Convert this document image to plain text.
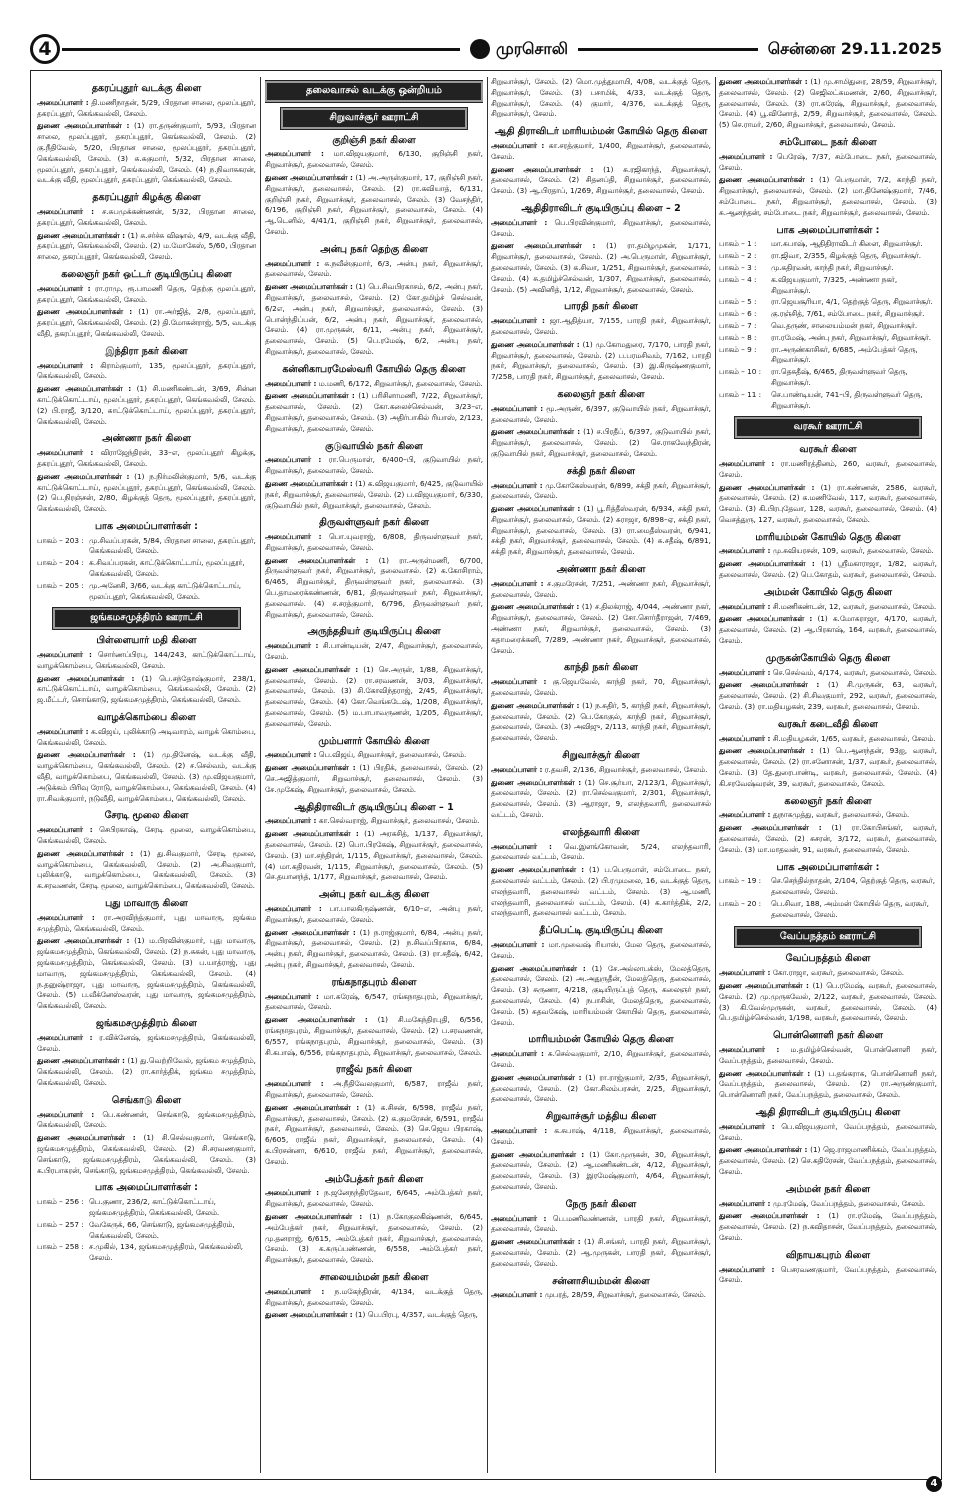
4	முரசொலி	சென்னை 29.11.2025
தகரப்புதூர் வடக்கு கிளை
அமைப்பாளர் : தி.மணிநாதன், 5/29, பிரதான சாலை, மூலப்புதூர், தகரப்புதூர், கெங்கவல்லி, சேலம்.
துணை அமைப்பாளர்கள் : (1) ரா.தருண்குமார், 5/93, பிரதான சாலை, மூலப்புதூர், தகரப்புதூர், கெங்கவல்லி, சேலம். (2) கு.நீதிவேல், 5/20, பிரதான சாலை, மூலப்புதூர், தகரப்புதூர், கெங்கவல்லி, சேலம். (3) சு.சுகுமார், 5/32, பிரதான சாலை, மூலப்புதூர், தகரப்புதூர், கெங்கவல்லி, சேலம். (4) ந.நிவாசுகரன், வடக்கு வீதி, மூலப்புதூர், தகரப்புதூர், கெங்கவல்லி, சேலம்.
தகரப்புதூர் கிழக்கு கிளை
அமைப்பாளர் : ச.சுபமுக்கண்ணன், 5/32, பிரதான சாலை, தகரப்புதூர், கெங்கவல்லி, சேலம்.
துணை அமைப்பாளர்கள் : (1) சு.சர்ச்சு விஷால், 4/9, வடக்கு வீதி, தகரப்புதூர், கெங்கவல்லி, சேலம். (2) ம.மோகேஸ், 5/60, பிரதான சாலை, தகரப்புதூர், கெங்கவல்லி, சேலம்.
கலைஞர் நகர் ஒட்டர் குடியிருப்பு கிளை
அமைப்பாளர் : ரா.ராமு, ரூ.பாமணி தெரு, தெற்கு மூலப்புதூர், தகரப்புதூர், கெங்கவல்லி, சேலம்.
துணை அமைப்பாளர்கள் : (1) ரா.அர்ஜித், 2/8, மூலப்புதூர், தகரப்புதூர், கெங்கவல்லி, சேலம். (2) தி.மோகன்ராஜ், 5/5, வடக்கு வீதி, தகரப்புதூர், கெங்கவல்லி, சேலம்.
இந்திரா நகர் கிளை
அமைப்பாளர் : கிராம்குமார், 135, மூலப்புதூர், தகரப்புதூர், கெங்கவல்லி, சேலம்.
துணை அமைப்பாளர்கள் : (1) சி.மணிகண்டன், 3/69, சின்ன காட்டுக்கொட்டாய், மூலப்புதூர், தகரப்புதூர், கெங்கவல்லி, சேலம். (2) பி.ராஜீ, 3/120, காட்டுக்கொட்டாய், மூலப்புதூர், தகரப்புதூர், கெங்கவல்லி, சேலம்.
அண்ணா நகர் கிளை
அமைப்பாளர் : விராஜேந்திரன், 33–எ, மூலப்புதூர் கிழக்கு, தகரப்புதூர், கெங்கவல்லி, சேலம்.
துணை அமைப்பாளர்கள் : (1) ந.நிர்மலின்குமார், 5/6, வடக்கு காட்டுக்கொட்டாய், மூலப்புதூர், தகரப்புதூர், கெங்கவல்லி, சேலம். (2) பெ.நிரஞ்சன், 2/80, கிழக்குத் தெரு, மூலப்புதூர், தகரப்புதூர், கெங்கவல்லி, சேலம்.
பாக அமைப்பாளர்கள் :
பாகம் – 203 : மு.சிவப்பரகன், 5/84, பிரதான சாலை, தகரப்புதூர், கெங்கவல்லி, சேலம்.
பாகம் – 204 : சு.சிவப்பரகன், காட்டுக்கொட்டாய், மூலப்புதூர், கெங்கவல்லி, சேலம்.
பாகம் – 205 : மு.அனேசி, 3/66, வடக்கு காட்டுக்கொட்டாய், மூலப்புதூர், கெங்கவல்லி, சேலம்.
ஜங்கமசமுத்திரம் ஊராட்சி
பிள்ளையார் மதி கிளை
அமைப்பாளர் : சொர்ணப்பிரபு, 144/243, காட்டுக்கொட்டாய், வாழக்கொம்பை, கெங்கவல்லி, சேலம்.
துணை அமைப்பாளர்கள் : (1) பெ.சந்தோஷ்குமார், 238/1, காட்டுக்கொட்டாய், வாழக்கொம்பை, கெங்கவல்லி, சேலம். (2) ஜ.மீட்டர், சொங்காடு, ஜங்கமசமுத்திரம், கெங்கவல்லி, சேலம்.
வாழக்கொம்பை கிளை
அமைப்பாளர் : க.விஜய், புலிக்காடு அடிவாரம், வாழக் கொம்பை, கெங்கவல்லி, சேலம்.
துணை அமைப்பாளர்கள் : (1) மு.தினேஷ், வடக்கு வீதி, வாழக்கொம்பை, கெங்கவல்லி, சேலம். (2) ச.செல்வம், வடக்கு வீதி, வாழக்கொம்பை, கெங்கவல்லி, சேலம். (3) மு.விஜயகுமார், அடுக்கம் பிரிவு ரோடு, வாழக்கொம்பை, கெங்கவல்லி, சேலம். (4) ரா.சிவக்குமார், நடுவீதி, வாழக்கொம்பை, கெங்கவல்லி, சேலம்.
சேரடி மூலை கிளை
அமைப்பாளர் : செபிரகாஷ், சேரடி மூலை, வாழக்கொம்பை, கெங்கவல்லி, சேலம்.
துணை அமைப்பாளர்கள் : (1) து.சிவகுமார், சேரடி மூலை, வாழக்கொம்பை, கெங்கவல்லி, சேலம். (2) அ.சிவகுமார், புலிக்காடு, வாழக்கொம்பை, கெங்கவல்லி, சேலம். (3) க.சரவணன், சேரடி மூலை, வாழக்கொம்பை, கெங்கவல்லி, சேலம்.
புது மாவாரு கிளை
அமைப்பாளர் : ரா.அரவிந்த்குமார், புது மாவாரு, ஜங்கம சமுத்திரம், கெங்கவல்லி, சேலம்.
துணை அமைப்பாளர்கள் : (1) ம.பிரவின்குமார், புது மாவாரு, ஜங்கமசமுத்திரம், கெங்கவல்லி, சேலம். (2) ந.சுகன், புது மாவாரு, ஜங்கமசமுத்திரம், கெங்கவல்லி, சேலம். (3) ப.யாத்ராஜ், புது மாவாரு, ஜங்கமசமுத்திரம், கெங்கவல்லி, சேலம். (4) ந.தனுஷ்ராஜா, புது மாவாரு, ஜங்கமசமுத்திரம், கெங்கவல்லி, சேலம். (5) ப.வீக்னேஸ்வரன், புது மாவாரு, ஜங்கமசமுத்திரம், கெங்கவல்லி, சேலம்.
ஜங்கமசமுத்திரம் கிளை
அமைப்பாளர் : ர.விக்னேஷ், ஜங்கமசமுத்திரம், கெங்கவல்லி, சேலம்.
துணை அமைப்பாளர்கள் : (1) து.வெற்றிவேல், ஜங்கம சமுத்திரம், கெங்கவல்லி, சேலம். (2) ரா.கார்த்திக், ஜங்கம சமுத்திரம், கெங்கவல்லி, சேலம்.
செங்காடு கிளை
அமைப்பாளர் : பெ.கண்ணன், செங்காடு, ஜங்கமசமுத்திரம், கெங்கவல்லி, சேலம்.
துணை அமைப்பாளர்கள் : (1) சி.செல்வகுமார், செங்காடு, ஜங்கமசமுத்திரம், கெங்கவல்லி, சேலம். (2) சி.சரவணகுமார், செங்காடு, ஜங்கமசமுத்திரம், கெங்கவல்லி, சேலம். (3) க.பிரபாகரன், செங்காடு, ஜங்கமசமுத்திரம், கெங்கவல்லி, சேலம்.
பாக அமைப்பாளர்கள் :
பாகம் – 256 : பெ.குணா, 236/2, காட்டுக்கொட்டாய், ஜங்கமசமுத்திரம், கெங்கவல்லி, சேலம்.
பாகம் – 257 : வேகேருக், 66, செங்காடு, ஜங்கமசமுத்திரம், கெங்கவல்லி, சேலம்.
பாகம் – 258 : ச.முகில், 134, ஜங்கமசமுத்திரம், கெங்கவல்லி, சேலம்.
தலைவாசல் வடக்கு ஒன்றியம்
சிறுவாச்சூர் ஊராட்சி
குறிஞ்சி நகர் கிளை
அமைப்பாளர் : மா.விஜயகுமார், 6/130, குறிஞ்சி நகர், சிறுவாச்சூர், தலைவாசல், சேலம்.
துணை அமைப்பாளர்கள் : (1) அ.அருள்குமார், 17, குறிஞ்சி நகர், சிறுவாச்சூர், தலைவாசல், சேலம். (2) ரா.கவியாத், 6/131, குறிஞ்சி நகர், சிறுவாச்சூர், தலைவாசல், சேலம். (3) வேசந்திர், 6/196, குறிஞ்சி நகர், சிறுவாச்சூர், தலைவாசல், சேலம். (4) ஆ.டெனில், 4/41/1, குறிஞ்சி நகர், சிறுவாச்சூர், தலைவாசல், சேலம்.
அன்பு நகர் தெற்கு கிளை
அமைப்பாளர் : சு.நவீன்குமார், 6/3, அன்பு நகர், சிறுவாச்சூர், தலைவாசல், சேலம்.
துணை அமைப்பாளர்கள் : (1) பெ.சிவபிரகாசம், 6/2, அன்பு நகர், சிறுவாச்சூர், தலைவாசல், சேலம். (2) கோ.தமிழ்ச் செல்வன், 6/2எ, அன்பு நகர், சிறுவாச்சூர், தலைவாசல், சேலம். (3) பொன்ந்திப்பன், 6/2, அன்பு நகர், சிறுவாச்சூர், தலைவாசல், சேலம். (4) ரா.முருகன், 6/11, அன்பு நகர், சிறுவாச்சூர், தலைவாசல், சேலம். (5) பெ.ரமேஷ், 6/2, அன்பு நகர், சிறுவாச்சூர், தலைவாசல், சேலம்.
கன்னிகாபரமேஸ்வரி கோயில் தெரு கிளை
அமைப்பாளர் : ம.மணி, 6/172, சிறுவாச்சூர், தலைவாசல், சேலம்.
துணை அமைப்பாளர்கள் : (1) பரிசிளாமணி, 7/22, சிறுவாச்சூர், தலைவாசல், சேலம். (2) கோ.கலைச்செல்வன், 3/23–எ, சிறுவாச்சூர், தலைவாசல், சேலம். (3) அதிர்பாகில் ரியாஸ், 2/123, சிறுவாச்சூர், தலைவாசல், சேலம்.
குடுவாயில் நகர் கிளை
அமைப்பாளர் : ரா.பெருமாள், 6/400–பி, குடுவாயில் நகர், சிறுவாச்சூர், தலைவாசல், சேலம்.
துணை அமைப்பாளர்கள் : (1) க.விஜயகுமார், 6/425, குடுவாயில் நகர், சிறுவாச்சூர், தலைவாசல், சேலம். (2) ப.விஜயகுமார், 6/330, குடுவாயில் நகர், சிறுவாச்சூர், தலைவாசல், சேலம்.
திருவள்ளுவர் நகர் கிளை
அமைப்பாளர் : பொ.யுவராஜ், 6/808, திருவள்ளுவர் நகர், சிறுவாச்சூர், தலைவாசல், சேலம்.
துணை அமைப்பாளர்கள் : (1) ரா.அருள்மணி, 6/700, திருவள்ளுவர் நகர், சிறுவாச்சூர், தலைவாசல். (2) க.கோசிராம், 6/465, சிறுவாச்சூர், திருவள்ளுவர் நகர், தலைவாசல். (3) பெ.தாமரைக்கண்ணன், 6/81, திருவள்ளுவர் நகர், சிறுவாச்சூர், தலைவாசல். (4) ச.சரத்குமார், 6/796, திருவள்ளுவர் நகர், சிறுவாச்சூர், தலைவாசல், சேலம்.
அருந்ததியர் குடியிருப்பு கிளை
அமைப்பாளர் : சி.பாண்டியன், 2/47, சிறுவாச்சூர், தலைவாசல், சேலம்.
துணை அமைப்பாளர்கள் : (1) செ.அருள், 1/88, சிறுவாச்சூர், தலைவாசல், சேலம். (2) ரா.சரவணன், 3/03, சிறுவாச்சூர், தலைவாசல், சேலம். (3) சி.கோவிந்தராஜ், 2/45, சிறுவாச்சூர், தலைவாசல், சேலம். (4) கோ.வெங்கடேஷ், 1/208, சிறுவாச்சூர், தலைவாசல், சேலம். (5) ம.பாபாவருணன், 1/205, சிறுவாச்சூர், தலைவாசல், சேலம்.
மும்பளார் கோயில் கிளை
அமைப்பாளர் : பெ.விஜய், சிறுவாச்சூர், தலைவாசல், சேலம்.
துணை அமைப்பாளர்கள் : (1) பிரதிக், தலைவாசல், சேலம். (2) செ.அஜித்குமார், சிறுவாச்சூர், தலைவாசல், சேலம். (3) சே.முகேஷ், சிறுவாச்சூர், தலைவாசல், சேலம்.
ஆதிதிராவிடர் குடியிருப்பு கிளை – 1
அமைப்பாளர் : கா.செல்வராஜ், சிறுவாச்சூர், தலைவாசல், சேலம்.
துணை அமைப்பாளர்கள் : (1) அரசுசித், 1/137, சிறுவாச்சூர், தலைவாசல், சேலம். (2) பொ.பிரகேஷ், சிறுவாச்சூர், தலைவாசல், சேலம். (3) மா.சந்திரன், 1/115, சிறுவாச்சூர், தலைவாசல், சேலம். (4) மா.கதிரவன், 1/115, சிறுவாச்சூர், தலைவாசல், சேலம். (5) செ.தயானந்த், 1/177, சிறுவாச்சூர், தலைவாசல், சேலம்.
அன்பு நகர் வடக்கு கிளை
அமைப்பாளர் : பா.பாலகிருஷ்ணன், 6/10–எ, அன்பு நகர், சிறுவாச்சூர், தலைவாசல், சேலம்.
துணை அமைப்பாளர்கள் : (1) ந.ராஜ்குமார், 6/84, அன்பு நகர், சிறுவாச்சூர், தலைவாசல், சேலம். (2) ந.சிவப்பிரகாசு, 6/84, அன்பு நகர், சிறுவாச்சூர், தலைவாசல், சேலம். (3) ரா.சதீஷ், 6/42, அன்பு நகர், சிறுவாச்சூர், தலைவாசல், சேலம்.
ரங்கநாதபுரம் கிளை
அமைப்பாளர் : மா.சுரேஷ், 6/547, ரங்கநாதபுரம், சிறுவாச்சூர், தலைவாசல், சேலம்.
துணை அமைப்பாளர்கள் : (1) சி.மகேந்திரபுதி, 6/556, ரங்கநாதபுரம், சிறுவாச்சூர், தலைவாசல், சேலம். (2) ப.சரவணன், 6/557, ரங்கநாதபுரம், சிறுவாச்சூர், தலைவாசல், சேலம். (3) சி.கபாஷ், 6/556, ரங்கநாதபுரம், சிறுவாச்சூர், தலைவாசல், சேலம்.
ராஜீவ் நகர் கிளை
அமைப்பாளர் : அ.நீதிவேலகுமார், 6/587, ராஜீவ் நகர், சிறுவாச்சூர், தலைவாசல், சேலம்.
துணை அமைப்பாளர்கள் : (1) க.சிசன், 6/598, ராஜீவ் நகர், சிறுவாச்சூர், தலைவாசல், சேலம். (2) க.குமரேசன், 6/591, ராஜீவ் நகர், சிறுவாச்சூர், தலைவாசல், சேலம். (3) செ.ஜெய பிரகாஷ், 6/605, ராஜீவ் நகர், சிறுவாச்சூர், தலைவாசல், சேலம். (4) க.பிரசன்னா, 6/610, ராஜீவ் நகர், சிறுவாச்சூர், தலைவாசல், சேலம்.
அம்பேத்கர் நகர் கிளை
அமைப்பாளர் : ந.ஜனேநந்திரதேவா, 6/645, அம்பேத்கர் நகர், சிறுவாச்சூர், தலைவாசல், சேலம்.
துணை அமைப்பாளர்கள் : (1) ந.கோகுலகிஷ்ணன், 6/645, அம்பேத்கர் நகர், சிறுவாச்சூர், தலைவாசல், சேலம். (2) மு.தனராஜ், 6/615, அம்பேத்கர் நகர், சிறுவாச்சூர், தலைவாசல், சேலம். (3) க.கருப்பண்ணன், 6/558, அம்பேத்கர் நகர், சிறுவாச்சூர், தலைவாசல், சேலம்.
சாலையம்மன் நகர் கிளை
அமைப்பாளர் : ந.மகேந்திரன், 4/134, வடக்குத் தெரு, சிறுவாச்சூர், தலைவாசல், சேலம்.
துணை அமைப்பாளர்கள் : (1) பெ.பிரபு, 4/357, வடக்குத் தெரு,
சிறுவாச்சூர், சேலம். (2) மொ.முத்துமாயி, 4/08, வடக்குத் தெரு, சிறுவாச்சூர், சேலம். (3) பசாமிக், 4/33, வடக்குத் தெரு, சிறுவாச்சூர், சேலம். (4) குமார், 4/376, வடக்குத் தெரு, சிறுவாச்சூர், சேலம்.
ஆதி திராவிடர் மாரியம்மன் கோயில் தெரு கிளை
அமைப்பாளர் : கா.சரத்குமார், 1/400, சிறுவாச்சூர், தலைவாசல், சேலம்.
துணை அமைப்பாளர்கள் : (1) சு.ரஜிகாந்த், சிறுவாச்சூர், தலைவாசல், சேலம். (2) சிதனப்தி, சிறுவாச்சூர், தலைவாசல், சேலம். (3) ஆ.பிரதாப், 1/269, சிறுவாச்சூர், தலைவாசல், சேலம்.
ஆதிதிராவிடர் குடியிருப்பு கிளை – 2
அமைப்பாளர் : பெ.பிரவின்குமார், சிறுவாச்சூர், தலைவாசல், சேலம்.
துணை அமைப்பாளர்கள் : (1) ரா.தமிழமுகன், 1/171, சிறுவாச்சூர், தலைவாசல், சேலம். (2) அ.பெருமாள், சிறுவாச்சூர், தலைவாசல், சேலம். (3) க.சிவா, 1/251, சிறுவாச்சூர், தலைவாசல், சேலம். (4) சு.தமிழ்ச்செல்வன், 1/307, சிறுவாச்சூர், தலைவாசல், சேலம். (5) அவினித், 1/12, சிறுவாச்சூர், தலைவாசல், சேலம்.
பாரதி நகர் கிளை
அமைப்பாளர் : ஜா.ஆதித்யா, 7/155, பாரதி நகர், சிறுவாச்சூர், தலைவாசல், சேலம்.
துணை அமைப்பாளர்கள் : (1) மு.கோமதுரை, 7/170, பாரதி நகர், சிறுவாச்சூர், தலைவாசல், சேலம். (2) ப.பரமசிவம், 7/162, பாரதி நகர், சிறுவாச்சூர், தலைவாசல், சேலம். (3) இ.கிருஷ்ணகுமார், 7/258, பாரதி நகர், சிறுவாச்சூர், தலைவாசல், சேலம்.
கலைஞர் நகர் கிளை
அமைப்பாளர் : மூ.அருண், 6/397, குடுவாயில் நகர், சிறுவாச்சூர், தலைவாசல், சேலம்.
துணை அமைப்பாளர்கள் : (1) ச.பிரதீப், 6/397, குடுவாயில் நகர், சிறுவாச்சூர், தலைவாசல், சேலம். (2) செ.ராகவேந்திரன், குடுவாயில் நகர், சிறுவாச்சூர், தலைவாசல், சேலம்.
சக்தி நகர் கிளை
அமைப்பாளர் : மு.கோகேஸ்வரன், 6/899, சக்தி நகர், சிறுவாச்சூர், தலைவாசல், சேலம்.
துணை அமைப்பாளர்கள் : (1) பூ.ரித்தீஸ்வரன், 6/934, சக்தி நகர், சிறுவாச்சூர், தலைவாசல், சேலம். (2) சுராஜா, 6/898–ஏ, சக்தி நகர், சிறுவாச்சூர், தலைவாசல், சேலம். (3) ரா.மைதீஸ்வரன், 6/941, சக்தி நகர், சிறுவாச்சூர், தலைவாசல், சேலம். (4) சு.சதீஷ், 6/891, சக்தி நகர், சிறுவாச்சூர், தலைவாசல், சேலம்.
அண்ணா நகர் கிளை
அமைப்பாளர் : ச.குமரேசன், 7/251, அண்ணா நகர், சிறுவாச்சூர், தலைவாசல், சேலம்.
துணை அமைப்பாளர்கள் : (1) ச.திலக்ராஜ், 4/044, அண்ணா நகர், சிறுவாச்சூர், தலைவாசல், சேலம். (2) சோ.சொர்தீராஜன், 7/469, அண்ணா நகர், சிறுவாச்சூர், தலைவாசல், சேலம். (3) கதாமரைக்கனி, 7/289, அண்ணா நகர், சிறுவாச்சூர், தலைவாசல், சேலம்.
காந்தி நகர் கிளை
அமைப்பாளர் : கு.ஜெயவேல், காந்தி நகர், 70, சிறுவாச்சூர், தலைவாசல், சேலம்.
துணை அமைப்பாளர்கள் : (1) ந.சுதிர், 5, காந்தி நகர், சிறுவாச்சூர், தலைவாசல், சேலம். (2) பெ.கோகுல், காந்தி நகர், சிறுவாச்சூர், தலைவாசல், சேலம். (3) அவிஜு, 2/113, காந்தி நகர், சிறுவாச்சூர், தலைவாசல், சேலம்.
சிறுவாச்சூர் கிளை
அமைப்பாளர் : ர.தவசி, 2/136, சிறுவாச்சூர், தலைவாசல், சேலம்.
துணை அமைப்பாளர்கள் : (1) செ.சூர்யா, 2/123/1, சிறுவாச்சூர், தலைவாசல், சேலம். (2) ரா.செல்வகுமார், 2/301, சிறுவாச்சூர், தலைவாசல், சேலம். (3) ஆராஜா, 9, எலந்தவாரி, தலைவாசல் வட்டம், சேலம்.
எலந்தவாரி கிளை
அமைப்பாளர் : வெ.இளங்கோவன், 5/24, எலந்தவாரி, தலைவாசல் வட்டம், சேலம்.
துணை அமைப்பாளர்கள் : (1) ப.பெருமாள், சம்போடை நகர், தலைவாசல் வட்டம், சேலம். (2) பி.ரமுமலை, 16, வடக்குத் தெரு, எலந்தவாரி, தலைவாசல் வட்டம், சேலம். (3) ஆ.மணி, எலந்தவாரி, தலைவாசல் வட்டம், சேலம். (4) க.கார்த்திக், 2/2, எலந்தவாரி, தலைவாசல் வட்டம், சேலம்.
தீப்பெட்டி குடியிருப்பு கிளை
அமைப்பாளர் : மா.முவைஷ் ரியாஸ், மேல தெரு, தலைவாசல், சேலம்.
துணை அமைப்பாளர்கள் : (1) சே.அல்லாபக்ஸ், மேலத்தெரு, தலைவாசல், சேலம். (2) அ.அதுருதீன், மேலத்தெரு, தலைவாசல், சேலம். (3) சுருணா, 4/218, குடியிருப்புத் தெரு, கலைஞர் நகர், தலைவாசல், சேலம். (4) நபாசின், மேலத்தெரு, தலைவாசல், சேலம். (5) சுதவகேஷ், மாரியம்மன் கோயில் தெரு, தலைவாசல், சேலம்.
மாரியம்மன் கோயில் தெரு கிளை
அமைப்பாளர் : சு.செல்வகுமார், 2/10, சிறுவாச்சூர், தலைவாசல், சேலம்.
துணை அமைப்பாளர்கள் : (1) ரா.ராஜ்குமார், 2/35, சிறுவாச்சூர், தலைவாசல், சேலம். (2) கோ.சிலம்பரசன், 2/25, சிறுவாச்சூர், தலைவாசல், சேலம்.
சிறுவாச்சூர் மத்திய கிளை
அமைப்பாளர் : க.சுபாஷ், 4/118, சிறுவாச்சூர், தலைவாசல், சேலம்.
துணை அமைப்பாளர்கள் : (1) கோ.முருகன், 30, சிறுவாச்சூர், தலைவாசல், சேலம். (2) ஆ.மணிகண்டன், 4/12, சிறுவாச்சூர், தலைவாசல், சேலம். (3) இரமேஷ்குமார், 4/64, சிறுவாச்சூர், தலைவாசல், சேலம்.
நேரு நகர் கிளை
அமைப்பாளர் : பெ.மணிவண்ணன், பாரதி நகர், சிறுவாச்சூர், தலைவாசல், சேலம்.
துணை அமைப்பாளர்கள் : (1) சி.சங்கர், பாரதி நகர், சிறுவாச்சூர், தலைவாசல், சேலம். (2) ஆ.முருகன், பாரதி நகர், சிறுவாச்சூர், தலைவாசல், சேலம்.
சன்னாசியம்மன் கிளை
அமைப்பாளர் : முபரத், 28/59, சிறுவாச்சூர், தலைவாசல், சேலம்.
துணை அமைப்பாளர்கள் : (1) மு.சாமிதுரை, 28/59, சிறுவாச்சூர், தலைவாசல், சேலம். (2) செஜிலட்சுமணன், 2/60, சிறுவாச்சூர், தலைவாசல், சேலம். (3) ரா.சுரேஷ், சிறுவாச்சூர், தலைவாசல், சேலம். (4) பூ.வினோத், 2/59, சிறுவாச்சூர், தலைவாசல், சேலம். (5) செ.ராமர், 2/60, சிறுவாச்சூர், தலைவாசல், சேலம்.
சம்போடை நகர் கிளை
அமைப்பாளர் : பெரேஷ், 7/37, சம்போடை நகர், தலைவாசல், சேலம்.
துணை அமைப்பாளர்கள் : (1) பெருமாள், 7/2, காந்தி நகர், சிறுவாச்சூர், தலைவாசல், சேலம். (2) மா.தினேஷ்குமார், 7/46, சம்போடை நகர், சிறுவாச்சூர், தலைவாசல், சேலம். (3) சு.ஆனந்தன், சம்போடை நகர், சிறுவாச்சூர், தலைவாசல், சேலம்.
பாக அமைப்பாளர்கள் :
பாகம் – 1 :	மா.சுபாஷ், ஆதிதிராவிடர் கிளை, சிறுவாச்சூர்.
பாகம் – 2 :	ரா.ஜிவா, 2/355, கிழக்குத் தெரு, சிறுவாச்சூர்.
பாகம் – 3 :	மு.கதிரவன், காந்தி நகர், சிறுவாச்சூர்.
பாகம் – 4 :	க.விஜயகுமார், 7/325, அண்ணா நகர், சிறுவாச்சூர்.
பாகம் – 5 :	ரா.ஜெயசூரியா, 4/1, தெற்குத் தெரு, சிறுவாச்சூர்.
பாகம் – 6 :	கு.ரஞ்சித், 7/61, சம்போடை நகர், சிறுவாச்சூர்.
பாகம் – 7 :	வெ.தருண், சாலையம்மன் நகர், சிறுவாச்சூர்.
பாகம் – 8 :	ரா.ரமேஷ், அன்பு நகர், சிறுவாச்சூர், சிறுவாச்சூர்.
பாகம் – 9 :	ரா.அருண்காசிகர், 6/685, அம்பேத்கர் தெரு, சிறுவாச்சூர்.
பாகம் – 10 :	ரா.தெசுதீஷ், 6/465, திருவள்ளுவர் தெரு, சிறுவாச்சூர்.
பாகம் – 11 :	செ.பாண்டியன், 741–பி, திருவள்ளுவர் தெரு, சிறுவாச்சூர்.
வரகூர் ஊராட்சி
வரகூர் கிளை
அமைப்பாளர் : ரா.மணிரத்தினம், 260, வரகூர், தலைவாசல், சேலம்.
துணை அமைப்பாளர்கள் : (1) ரா.கண்ணன், 2586, வரகூர், தலைவாசல், சேலம். (2) க.மணிவேல், 117, வரகூர், தலைவாசல், சேலம். (3) கி.பிரபுதேவா, 128, வரகூர், தலைவாசல், சேலம். (4) வெசத்துரு, 127, வரகூர், தலைவாசல், சேலம்.
மாரியம்மன் கோயில் தெரு கிளை
அமைப்பாளர் : மு.சுவியரசன், 109, வரகூர், தலைவாசல், சேலம்.
துணை அமைப்பாளர்கள் : (1) ஸ்ரீமகாராஜா, 1/82, வரகூர், தலைவாசல், சேலம். (2) பெ.கோதம், வரகூர், தலைவாசல், சேலம்.
அம்மன் கோயில் தெரு கிளை
அமைப்பாளர் : சி.மணிகண்டன், 12, வரகூர், தலைவாசல், சேலம்.
துணை அமைப்பாளர்கள் : (1) க.மோகராஜா, 4/170, வரகூர், தலைவாசல், சேலம். (2) ஆ.பிரகாஷ், 164, வரகூர், தலைவாசல், சேலம்.
முருகன்கோயில் தெரு கிளை
அமைப்பாளர் : செ.செல்வம், 4/174, வரகூர், தலைவாசல், சேலம்.
துணை அமைப்பாளர்கள் : (1) சி.முருகன், 63, வரகூர், தலைவாசல், சேலம். (2) சி.சிவகுமார், 292, வரகூர், தலைவாசல், சேலம். (3) ரா.மதியழகன், 239, வரகூர், தலைவாசல், சேலம்.
வரகூர் கடைவீதி கிளை
அமைப்பாளர் : சி.மதியழகன், 1/65, வரகூர், தலைவாசல், சேலம்.
துணை அமைப்பாளர்கள் : (1) பெ.ஆனந்தன், 93ஐ, வரகூர், தலைவாசல், சேலம். (2) ரா.சனோசன், 1/37, வரகூர், தலைவாசல், சேலம். (3) தே.துரைபாண்டி, வரகூர், தலைவாசல், சேலம். (4) கி.சரவேஷ்வரன், 39, வரகூர், தலைவாசல், சேலம்.
கலைஞர் நகர் கிளை
அமைப்பாளர் : துநாகமுத்து, வரகூர், தலைவாசல், சேலம்.
துணை அமைப்பாளர்கள் : (1) ரா.கோபிசங்கர், வரகூர், தலைவாசல், சேலம். (2) சுசரன், 3/172, வரகூர், தலைவாசல், சேலம். (3) மா.மாதவன், 91, வரகூர், தலைவாசல், சேலம்.
பாக அமைப்பாளர்கள் :
பாகம் – 19 :	செ.செந்தில்நாதன், 2/104, தெற்குத் தெரு, வரகூர், தலைவாசல், சேலம்.
பாகம் – 20 :	பெ.சிவா, 188, அம்மன் கோயில் தெரு, வரகூர், தலைவாசல், சேலம்.
வேப்பநத்தம் ஊராட்சி
வேப்பநத்தம் கிளை
அமைப்பாளர் : கோ.ராஜா, வரகூர், தலைவாசல், சேலம்.
துணை அமைப்பாளர்கள் : (1) பெ.ரமேஷ், வரகூர், தலைவாசல், சேலம். (2) மு.முருகவேல், 2/122, வரகூர், தலைவாசல், சேலம். (3) கி.வேல்முருகன், வரகூர், தலைவாசல், சேலம். (4) பெ.தமிழ்ச்செல்வன், 1/198, வரகூர், தலைவாசல், சேலம்.
பொன்னொளி நகர் கிளை
அமைப்பாளர் : ம.தமிழ்ச்செல்வன், பொன்னொளி நகர், வேப்பநத்தம், தலைவாசல், சேலம்.
துணை அமைப்பாளர்கள் : (1) ப.தங்கராசு, பொன்னொளி நகர், வேப்பநத்தம், தலைவாசல், சேலம். (2) ரா.அருண்குமார், பொன்னொளி நகர், வேப்பநத்தம், தலைவாசல், சேலம்.
ஆதி திராவிடர் குடியிருப்பு கிளை
அமைப்பாளர் : பெ.விஜயகுமார், வேப்பநத்தம், தலைவாசல், சேலம்.
துணை அமைப்பாளர்கள் : (1) ஜெ.ராஜமாணிக்கம், வேப்பநத்தம், தலைவாசல், சேலம். (2) செ.கதிரேசன், வேப்பநத்தம், தலைவாசல், சேலம்.
அம்மன் நகர் கிளை
அமைப்பாளர் : மு.ரமேஷ், வேப்பநத்தம், தலைவாசல், சேலம்.
துணை அமைப்பாளர்கள் : (1) ரா.ரமேஷ், வேப்பநத்தம், தலைவாசல், சேலம். (2) ந.கவிதாசன், வேப்பநத்தம், தலைவாசல், சேலம்.
விநாயகபுரம் கிளை
அமைப்பாளர் : பெசரவணகுமார், வேப்பநத்தம், தலைவாசல், சேலம்.
4
